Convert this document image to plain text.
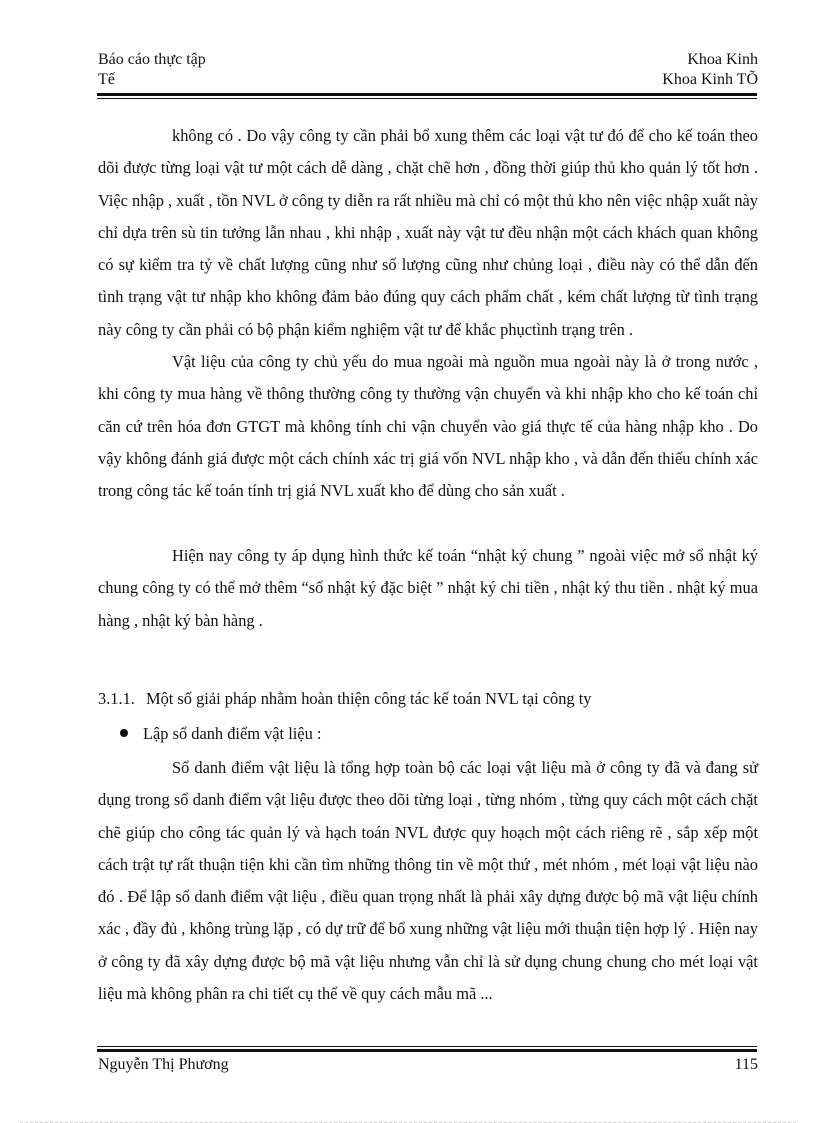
Báo cáo thực tập
Tế
Khoa Kinh
Khoa Kinh TÕ

không có . Do vậy công ty cần phải bổ xung thêm các loại vật tư đó để cho kế toán theo dõi được từng loại vật tư một cách dễ dàng , chặt chẽ hơn , đồng thời giúp thủ kho quản lý tốt hơn . Việc nhập , xuất , tồn NVL ở công ty diễn ra rất nhiều mà chỉ có một thủ kho nên việc nhập xuất này chỉ dựa trên sù tin tưởng lẫn nhau , khi nhập , xuất này vật tư đều nhận một cách khách quan không có sự kiểm tra tỷ về chất lượng cũng như số lượng cũng như chủng loại , điều này có thể dẫn đến tình trạng vật tư nhập kho không đảm bảo đúng quy cách phẩm chất , kém chất lượng từ tình trạng này công ty cần phải có bộ phận kiểm nghiệm vật tư để khắc phụctình trạng trên .

Vật liệu của công ty chủ yếu do mua ngoài mà nguồn mua ngoài này là ở trong nước , khi công ty mua hàng về thông thường công ty thường vận chuyển và khi nhập kho cho kế toán chỉ căn cứ trên hóa đơn GTGT mà không tính chi vận chuyển vào giá thực tế của hàng nhập kho . Do vậy không đánh giá được một cách chính xác trị giá vốn NVL nhập kho , và dẫn đến thiếu chính xác trong công tác kế toán tính trị giá NVL xuất kho để dùng cho sản xuất .

Hiện nay công ty áp dụng hình thức kế toán “nhật ký chung ” ngoài việc mở sổ nhật ký chung công ty có thể mở thêm “sổ nhật ký đặc biệt ” nhật ký chi tiền , nhật ký thu tiền . nhật ký mua hàng , nhật ký bàn hàng .

3.1.1. Một số giải pháp nhằm hoàn thiện công tác kế toán NVL tại công ty
Lập sổ danh điểm vật liệu :

Sổ danh điểm vật liệu là tổng hợp toàn bộ các loại vật liệu mà ở công ty đã và đang sử dụng trong sổ danh điểm vật liệu được theo dõi từng loại , từng nhóm , từng quy cách một cách chặt chẽ giúp cho công tác quản lý và hạch toán NVL được quy hoạch một cách riêng rẽ , sắp xếp một cách trật tự rất thuận tiện khi cần tìm những thông tin về một thứ , mét nhóm , mét loại vật liệu nào đó . Để lập sổ danh điểm vật liệu , điều quan trọng nhất là phải xây dựng được bộ mã vật liệu chính xác , đầy đủ , không trùng lặp , có dự trữ để bổ xung những vật liệu mới thuận tiện hợp lý . Hiện nay ở công ty đã xây dựng được bộ mã vật liệu nhưng vẫn chỉ là sử dụng chung chung cho mét loại vật liệu mà không phân ra chi tiết cụ thể về quy cách mẫu mã ...

Nguyễn Thị Phương	115
